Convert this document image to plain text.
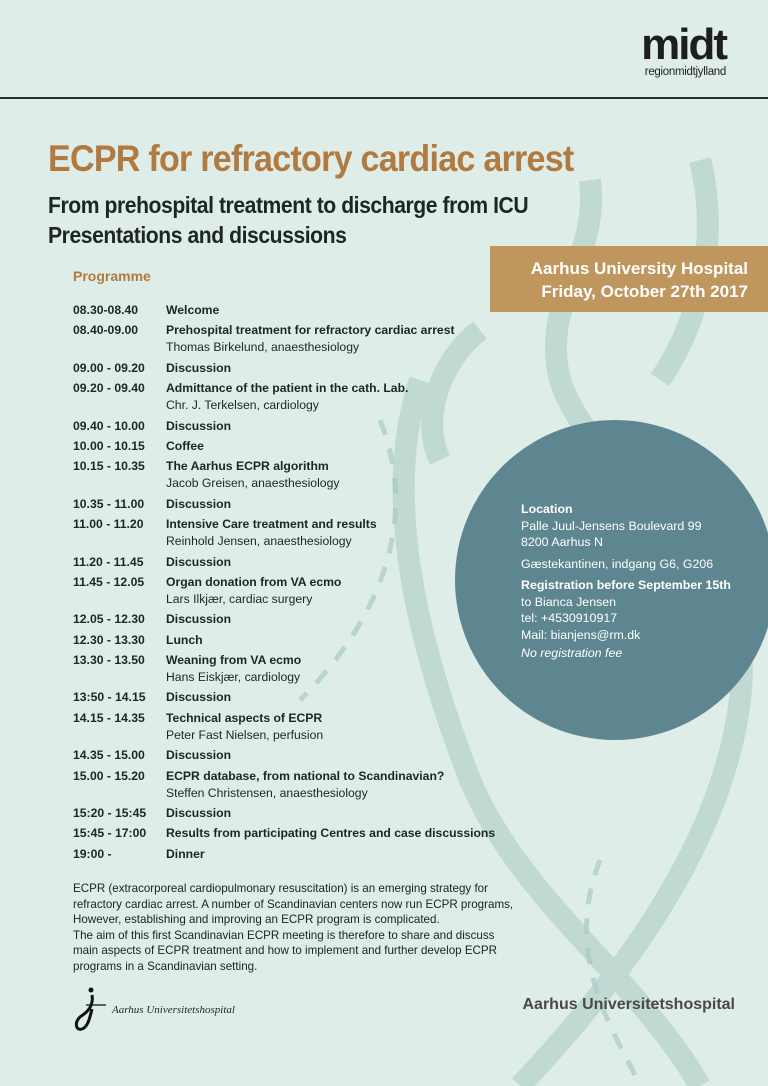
midt
regionmidtjylland
ECPR for refractory cardiac arrest
From prehospital treatment to discharge from ICU
Presentations and discussions
Aarhus University Hospital
Friday, October 27th 2017
Programme
08.30-08.40	Welcome
08.40-09.00	Prehospital treatment for refractory cardiac arrest
Thomas Birkelund, anaesthesiology
09.00 - 09.20	Discussion
09.20 - 09.40	Admittance of the patient in the cath. Lab.
Chr. J. Terkelsen, cardiology
09.40 - 10.00	Discussion
10.00 - 10.15	Coffee
10.15 - 10.35	The Aarhus ECPR algorithm
Jacob Greisen, anaesthesiology
10.35 - 11.00	Discussion
11.00 - 11.20	Intensive Care treatment and results
Reinhold Jensen, anaesthesiology
11.20 - 11.45	Discussion
11.45 - 12.05	Organ donation from VA ecmo
Lars Ilkjær, cardiac surgery
12.05 - 12.30	Discussion
12.30 - 13.30	Lunch
13.30 - 13.50	Weaning from VA ecmo
Hans Eiskjær, cardiology
13:50 - 14.15	Discussion
14.15 - 14.35	Technical aspects of ECPR
Peter Fast Nielsen, perfusion
14.35 - 15.00	Discussion
15.00 - 15.20	ECPR database, from national to Scandinavian?
Steffen Christensen, anaesthesiology
15:20 - 15:45	Discussion
15:45 - 17:00	Results from participating Centres and case discussions
19:00 -	Dinner
Location
Palle Juul-Jensens Boulevard 99
8200 Aarhus N
Gæstekantinen, indgang G6, G206
Registration before September 15th
to Bianca Jensen
tel: +4530910917
Mail: bianjens@rm.dk
No registration fee
ECPR (extracorporeal cardiopulmonary resuscitation) is an emerging strategy for
refractory cardiac arrest. A number of Scandinavian centers now run ECPR programs,
However, establishing and improving an ECPR program is complicated.
The aim of this first Scandinavian ECPR meeting is therefore to share and discuss
main aspects of ECPR treatment and how to implement and further develop ECPR
programs in a Scandinavian setting.
Aarhus Universitetshospital	Aarhus Universitetshospital
